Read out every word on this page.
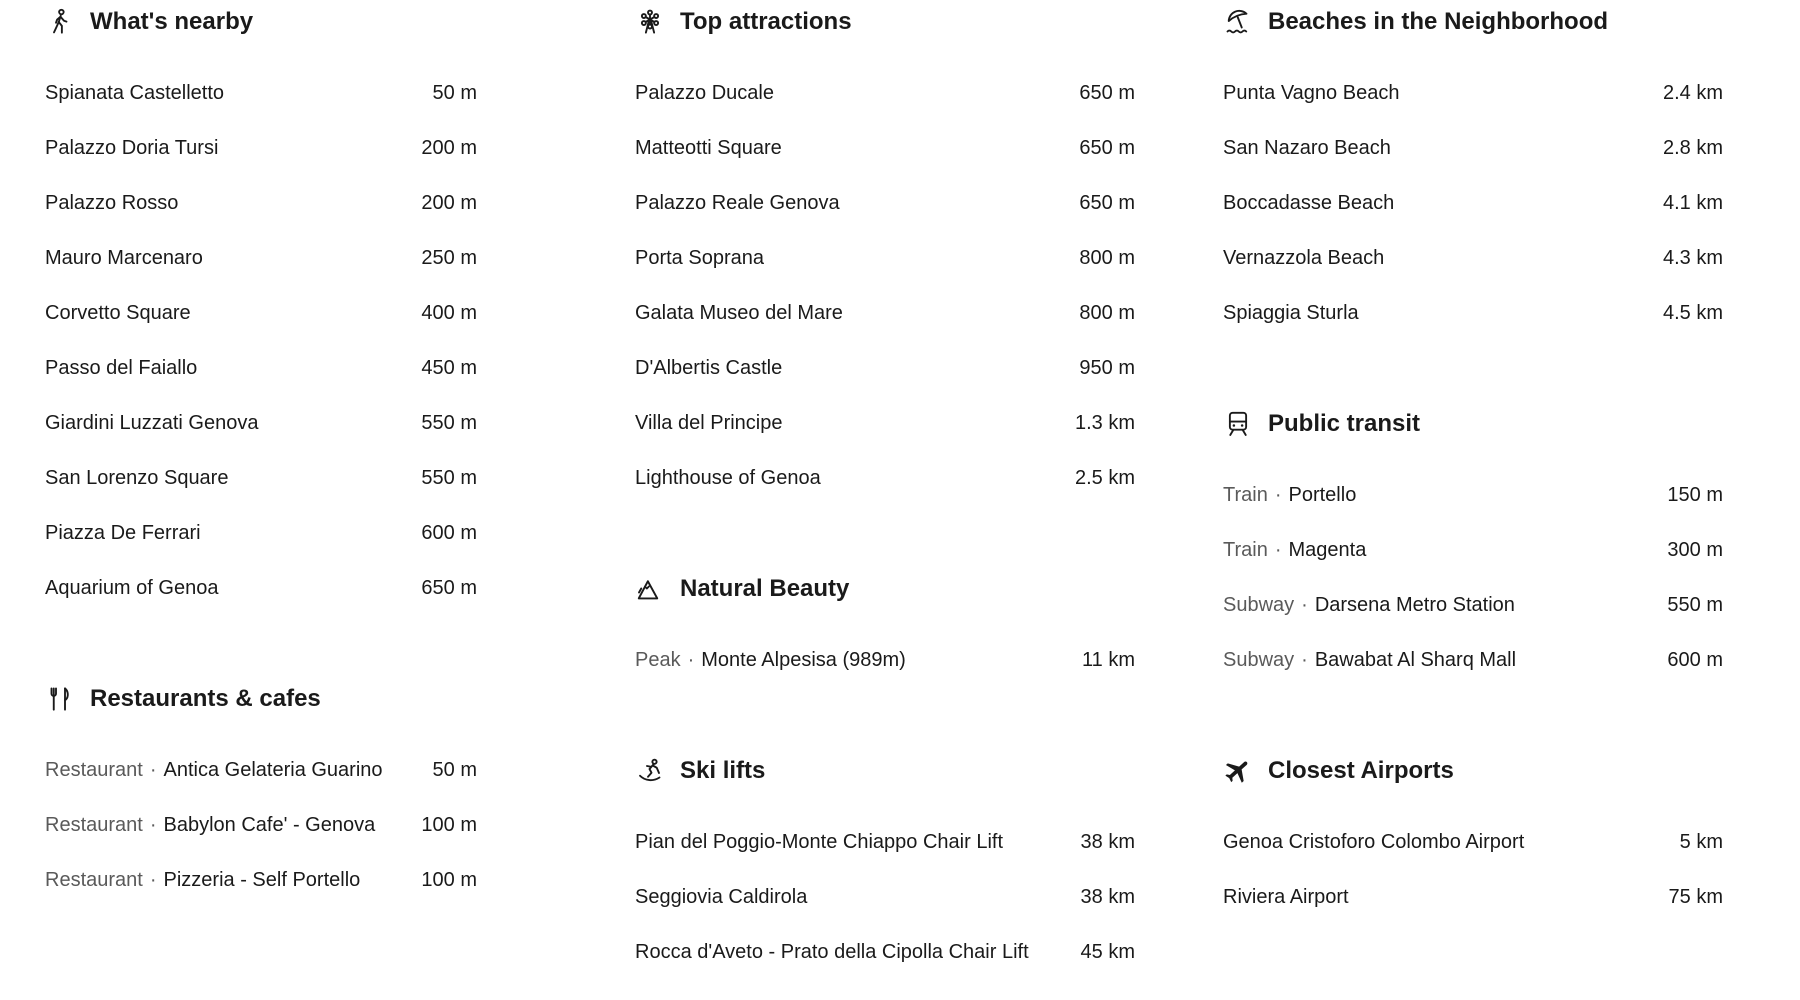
What's nearby
Spianata Castelletto	50 m
Palazzo Doria Tursi	200 m
Palazzo Rosso	200 m
Mauro Marcenaro	250 m
Corvetto Square	400 m
Passo del Faiallo	450 m
Giardini Luzzati Genova	550 m
San Lorenzo Square	550 m
Piazza De Ferrari	600 m
Aquarium of Genoa	650 m
Restaurants & cafes
Restaurant · Antica Gelateria Guarino	50 m
Restaurant · Babylon Cafe' - Genova 100 m
Restaurant · Pizzeria - Self Portello	100 m
Top attractions
Palazzo Ducale	650 m
Matteotti Square	650 m
Palazzo Reale Genova	650 m
Porta Soprana	800 m
Galata Museo del Mare	800 m
D'Albertis Castle	950 m
Villa del Principe	1.3 km
Lighthouse of Genoa	2.5 km
Natural Beauty
Peak · Monte Alpesisa (989m)	11 km
Ski lifts
Pian del Poggio-Monte Chiappo Chair Lift	38 km
Seggiovia Caldirola	38 km
Rocca d'Aveto - Prato della Cipolla Chair Lift	45 km
Beaches in the Neighborhood
Punta Vagno Beach	2.4 km
San Nazaro Beach	2.8 km
Boccadasse Beach	4.1 km
Vernazzola Beach	4.3 km
Spiaggia Sturla	4.5 km
Public transit
Train · Portello	150 m
Train · Magenta	300 m
Subway · Darsena Metro Station	550 m
Subway · Bawabat Al Sharq Mall	600 m
Closest Airports
Genoa Cristoforo Colombo Airport	5 km
Riviera Airport	75 km
